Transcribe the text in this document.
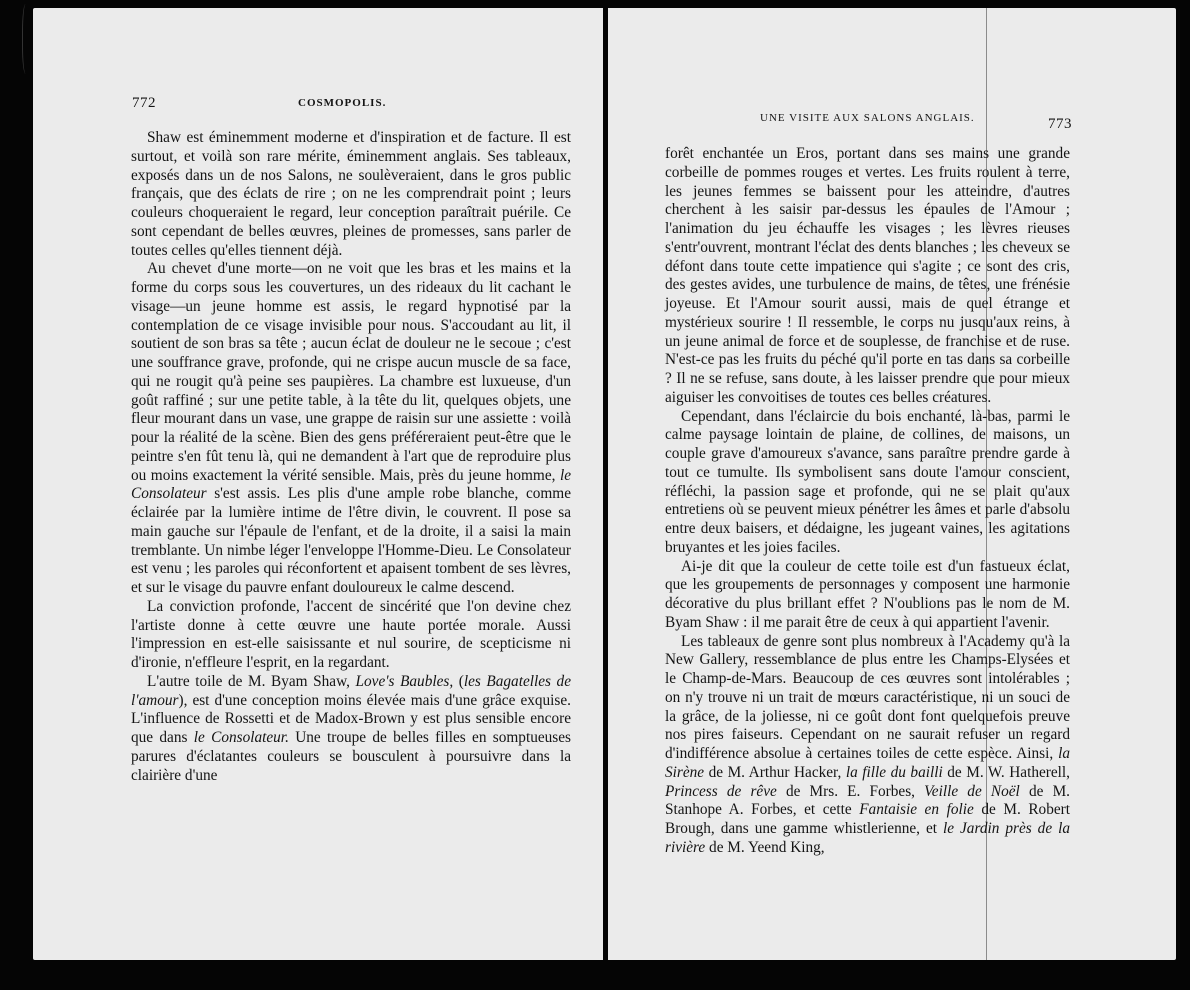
772	COSMOPOLIS.

Shaw est éminemment moderne et d'inspiration et de facture. Il est surtout, et voilà son rare mérite, éminemment anglais. Ses tableaux, exposés dans un de nos Salons, ne soulèveraient, dans le gros public français, que des éclats de rire ; on ne les comprendrait point ; leurs couleurs choqueraient le regard, leur conception paraîtrait puérile. Ce sont cependant de belles œuvres, pleines de promesses, sans parler de toutes celles qu'elles tiennent déjà.

Au chevet d'une morte—on ne voit que les bras et les mains et la forme du corps sous les couvertures, un des rideaux du lit cachant le visage—un jeune homme est assis, le regard hypnotisé par la contemplation de ce visage invisible pour nous. S'accoudant au lit, il soutient de son bras sa tête ; aucun éclat de douleur ne le secoue ; c'est une souffrance grave, profonde, qui ne crispe aucun muscle de sa face, qui ne rougit qu'à peine ses paupières. La chambre est luxueuse, d'un goût raffiné ; sur une petite table, à la tête du lit, quelques objets, une fleur mourant dans un vase, une grappe de raisin sur une assiette : voilà pour la réalité de la scène. Bien des gens préféreraient peut-être que le peintre s'en fût tenu là, qui ne demandent à l'art que de reproduire plus ou moins exactement la vérité sensible. Mais, près du jeune homme, le Consolateur s'est assis. Les plis d'une ample robe blanche, comme éclairée par la lumière intime de l'être divin, le couvrent. Il pose sa main gauche sur l'épaule de l'enfant, et de la droite, il a saisi la main tremblante. Un nimbe léger l'enveloppe l'Homme-Dieu. Le Consolateur est venu ; les paroles qui réconfortent et apaisent tombent de ses lèvres, et sur le visage du pauvre enfant douloureux le calme descend.

La conviction profonde, l'accent de sincérité que l'on devine chez l'artiste donne à cette œuvre une haute portée morale. Aussi l'impression en est-elle saisissante et nul sourire, de scepticisme ni d'ironie, n'effleure l'esprit, en la regardant.

L'autre toile de M. Byam Shaw, Love's Baubles, (les Bagatelles de l'amour), est d'une conception moins élevée mais d'une grâce exquise. L'influence de Rossetti et de Madox-Brown y est plus sensible encore que dans le Consolateur. Une troupe de belles filles en somptueuses parures d'éclatantes couleurs se bousculent à poursuivre dans la clairière d'une

UNE VISITE AUX SALONS ANGLAIS.	773

forêt enchantée un Eros, portant dans ses mains une grande corbeille de pommes rouges et vertes. Les fruits roulent à terre, les jeunes femmes se baissent pour les atteindre, d'autres cherchent à les saisir par-dessus les épaules de l'Amour ; l'animation du jeu échauffe les visages ; les lèvres rieuses s'entr'ouvrent, montrant l'éclat des dents blanches ; les cheveux se défont dans toute cette impatience qui s'agite ; ce sont des cris, des gestes avides, une turbulence de mains, de têtes, une frénésie joyeuse. Et l'Amour sourit aussi, mais de quel étrange et mystérieux sourire ! Il ressemble, le corps nu jusqu'aux reins, à un jeune animal de force et de souplesse, de franchise et de ruse. N'est-ce pas les fruits du péché qu'il porte en tas dans sa corbeille ? Il ne se refuse, sans doute, à les laisser prendre que pour mieux aiguiser les convoitises de toutes ces belles créatures.

Cependant, dans l'éclaircie du bois enchanté, là-bas, parmi le calme paysage lointain de plaine, de collines, de maisons, un couple grave d'amoureux s'avance, sans paraître prendre garde à tout ce tumulte. Ils symbolisent sans doute l'amour conscient, réfléchi, la passion sage et profonde, qui ne se plait qu'aux entretiens où se peuvent mieux pénétrer les âmes et parle d'absolu entre deux baisers, et dédaigne, les jugeant vaines, les agitations bruyantes et les joies faciles.

Ai-je dit que la couleur de cette toile est d'un fastueux éclat, que les groupements de personnages y composent une harmonie décorative du plus brillant effet ? N'oublions pas le nom de M. Byam Shaw : il me parait être de ceux à qui appartient l'avenir.

Les tableaux de genre sont plus nombreux à l'Academy qu'à la New Gallery, ressemblance de plus entre les Champs-Elysées et le Champ-de-Mars. Beaucoup de ces œuvres sont intolérables ; on n'y trouve ni un trait de mœurs caractéristique, ni un souci de la grâce, de la joliesse, ni ce goût dont font quelquefois preuve nos pires faiseurs. Cependant on ne saurait refuser un regard d'indifférence absolue à certaines toiles de cette espèce. Ainsi, la Sirène de M. Arthur Hacker, la fille du bailli de M. W. Hatherell, Princess de rêve de Mrs. E. Forbes, Veille de Noël de M. Stanhope A. Forbes, et cette Fantaisie en folie de M. Robert Brough, dans une gamme whistlerienne, et le Jardin près de la rivière de M. Yeend King,
